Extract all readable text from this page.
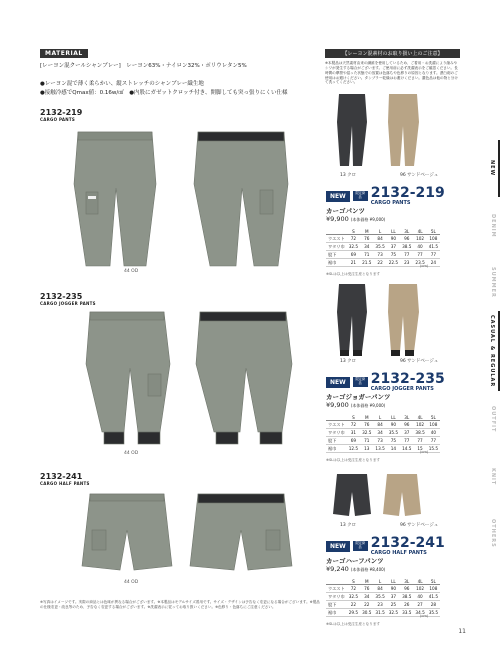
MATERIAL
[レーヨン混クールシャンブレー]　レーヨン63%・ナイロン32%・ポリウレタン5%
●レーヨン混で薄く柔らかい、縦ストレッチのシャンブレー織生地
●接触冷感でQmax値：0.16w/㎠　●内股にガゼットクロッチ付き、開脚しても突っ張りにくい仕様
【レーヨン混素材のお取り扱い上のご注意】
※本製品は天然素材由来の繊維を使用しているため、ご着用・お洗濯により縮みやシワが発生する場合がございます。ご使用前に必ず洗濯表示をご確認ください。長時間の摩擦や湿った状態での放置は色落ちや色移りの原因となります。漂白剤のご使用はお避けください。タンブラー乾燥はお避けください。濃色品は他の物と分けて洗ってください。
NEW
DENIM
SUMMER
CASUAL & REGULAR
OUTFIT
KNIT
OTHERS
2132-219
CARGO PANTS
44 OD
13 クロ	96 サンドベージュ
NEW	限定商品 2132-219
CARGO PANTS
カーゴパンツ
¥9,900 (本体価格 ¥9,000)
	S	M	L	LL	3L	4L	5L
ウエスト	72	76	84	90	96	102	108
ワタリ巾	32.5	34	35.5	37	38.5	40	41.5
股下	69	71	73	75	77	77	77
裾巾	21	21.5	22	22.5	23	23.5	24
※SLは以上は受注生産となります
(cm)
2132-235
CARGO JOGGER PANTS
44 OD
13 クロ	96 サンドベージュ
NEW	限定商品 2132-235
CARGO JOGGER PANTS
カーゴジョガーパンツ
¥9,900 (本体価格 ¥9,000)
	S	M	L	LL	3L	4L	5L
ウエスト	72	76	84	90	96	102	108
ワタリ巾	31	32.5	34	35.5	37	38.5	40
股下	69	71	73	75	77	77	77
裾巾	12.5	13	13.5	14	14.5	15	15.5
※SLは以上は受注生産となります
(cm)
2132-241
CARGO HALF PANTS
44 OD
13 クロ	96 サンドベージュ
NEW	限定商品 2132-241
CARGO HALF PANTS
カーゴハーフパンツ
¥9,240 (本体価格 ¥8,400)
	S	M	L	LL	3L	4L	5L
ウエスト	72	76	84	90	96	102	108
ワタリ巾	32.5	34	35.5	37	38.5	40	41.5
股下	22	22	23	25	26	27	28
裾巾	29.5	30.5	31.5	32.5	33.5	34.5	35.5
※SLは以上は受注生産となります
(cm)
※写真はイメージです。実際の商品とは色味が異なる場合がございます。※本製品はモデルサイズ着用です。サイズ・デザインは予告なく変更になる場合がございます。※製品の仕様変更・改良等のため、予告なく変更する場合がございます。※洗濯表示に従ってお取り扱いください。※色移り・色落ちにご注意ください。
11
